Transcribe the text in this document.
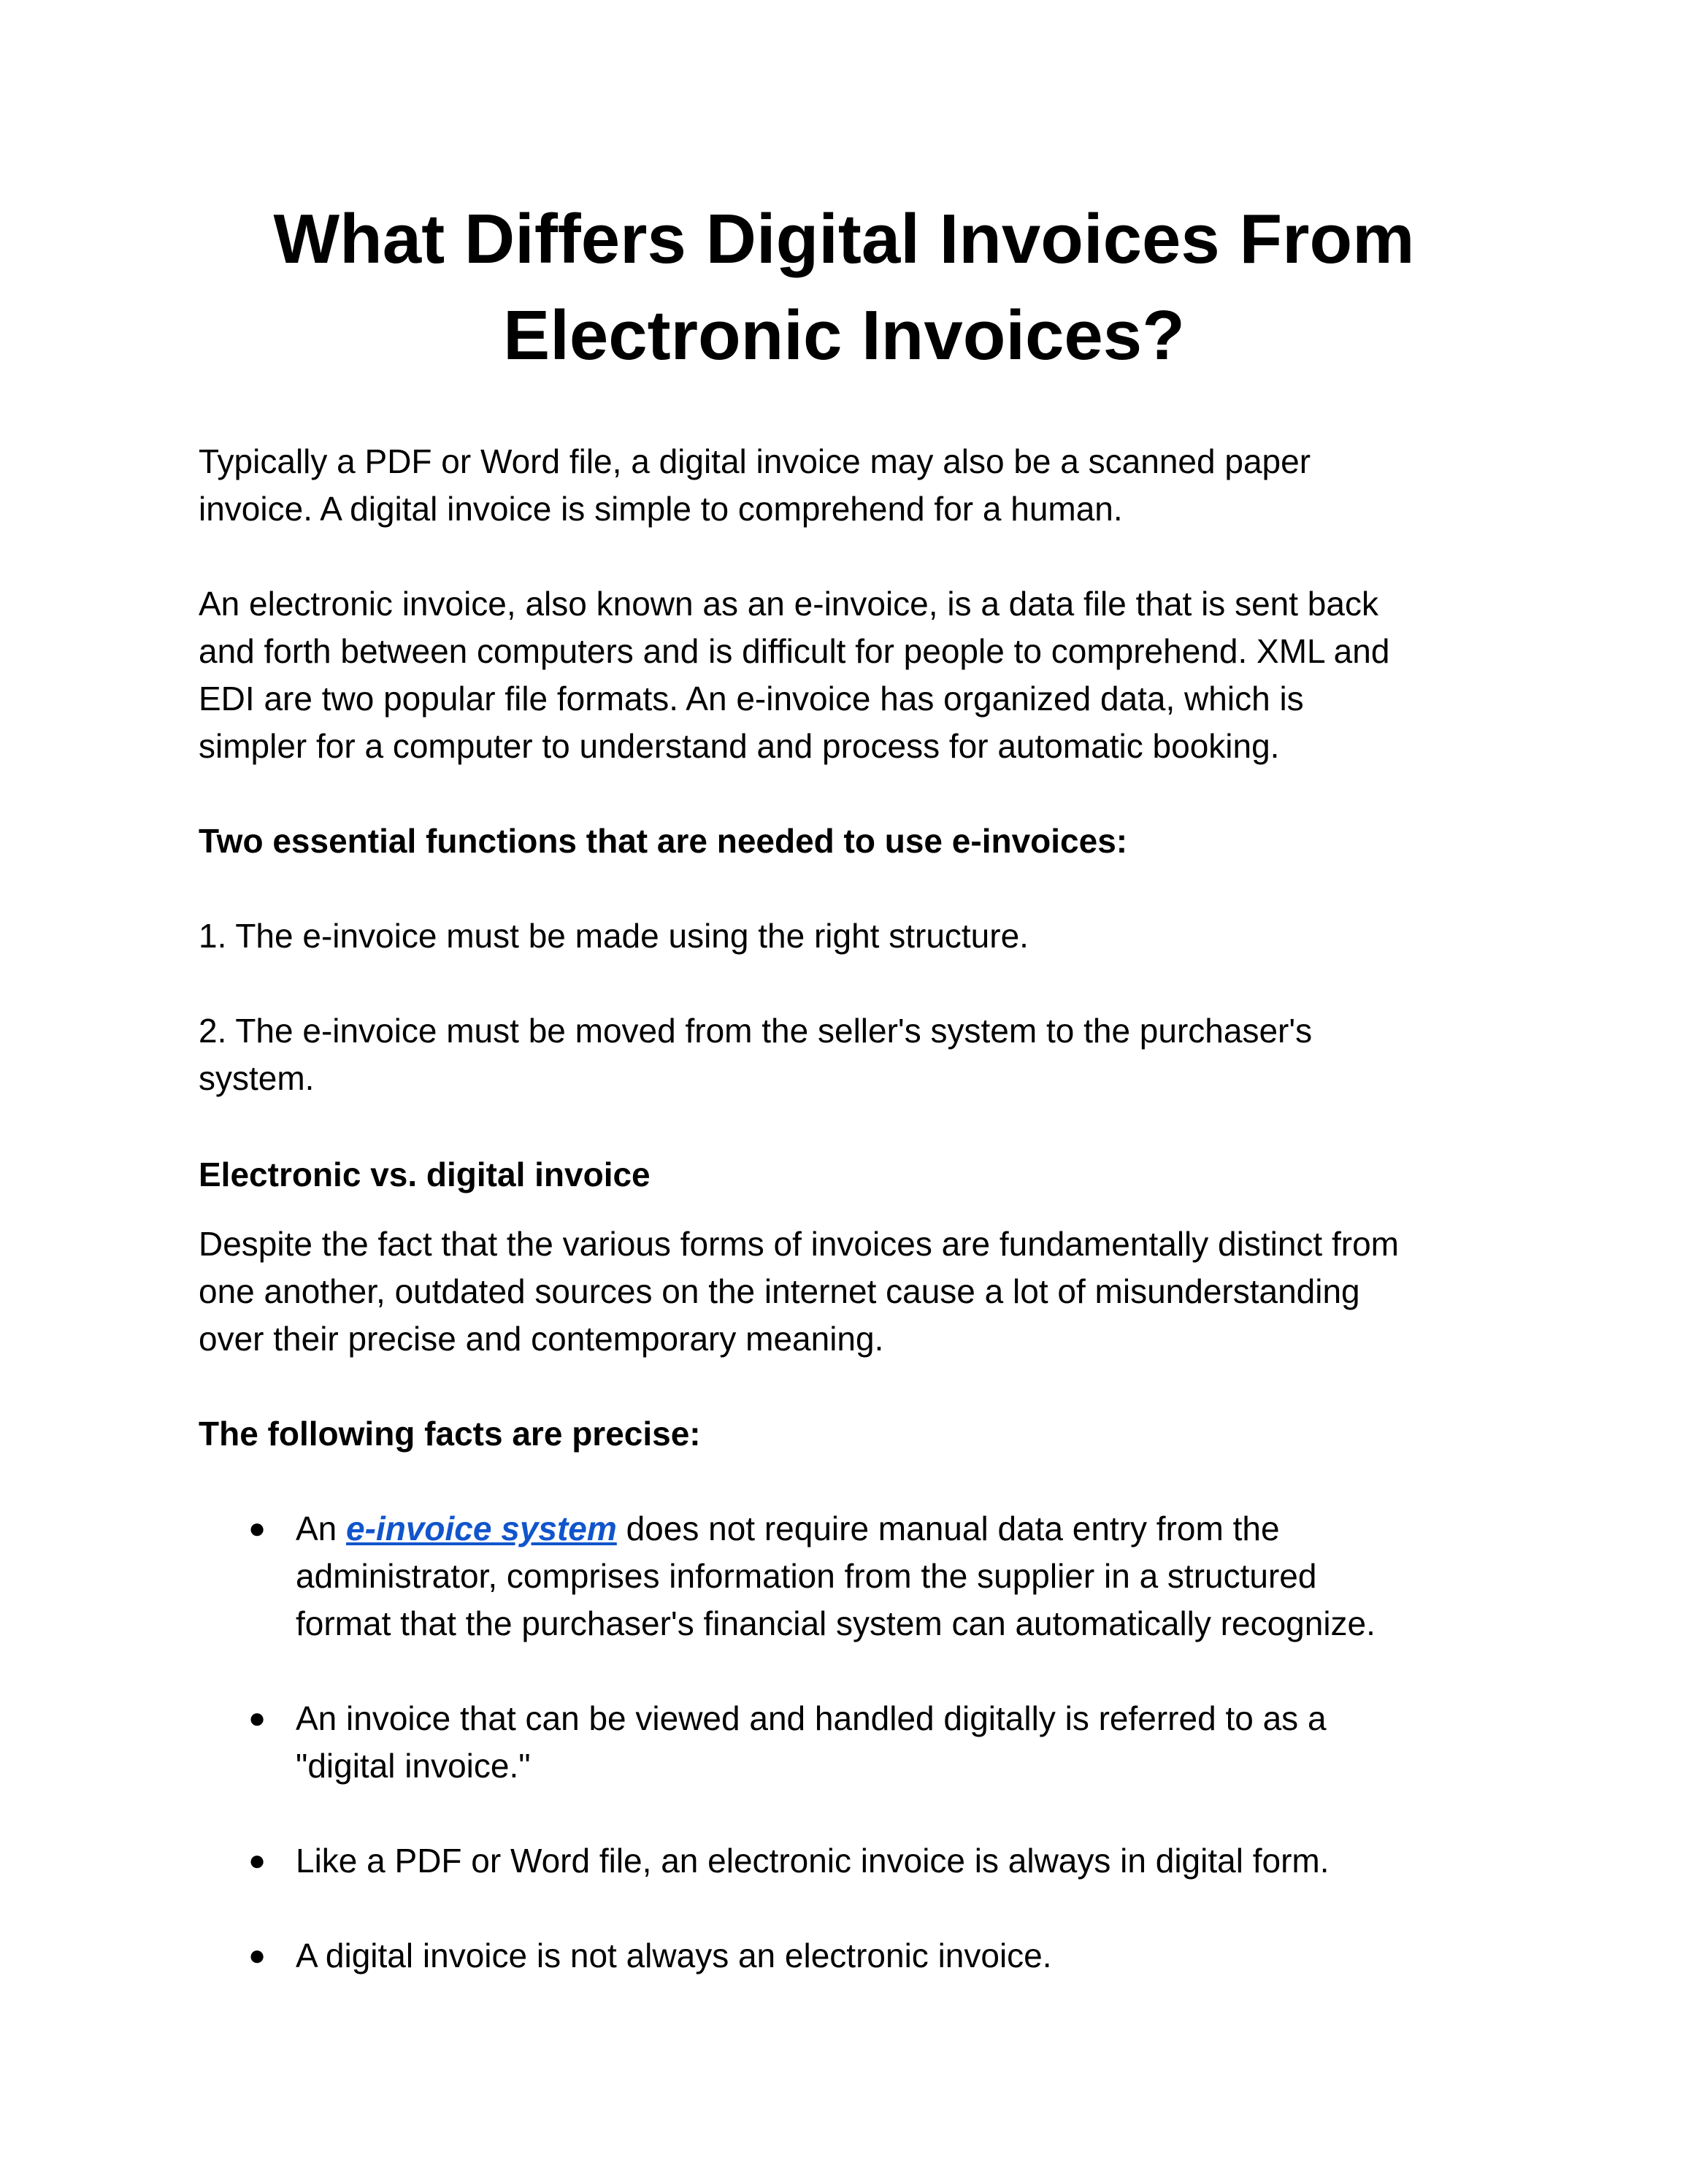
What Differs Digital Invoices From
Electronic Invoices?

Typically a PDF or Word file, a digital invoice may also be a scanned paper
invoice. A digital invoice is simple to comprehend for a human.

An electronic invoice, also known as an e-invoice, is a data file that is sent back
and forth between computers and is difficult for people to comprehend. XML and
EDI are two popular file formats. An e-invoice has organized data, which is
simpler for a computer to understand and process for automatic booking.

Two essential functions that are needed to use e-invoices:

1. The e-invoice must be made using the right structure.

2. The e-invoice must be moved from the seller's system to the purchaser's
system.

Electronic vs. digital invoice

Despite the fact that the various forms of invoices are fundamentally distinct from
one another, outdated sources on the internet cause a lot of misunderstanding
over their precise and contemporary meaning.

The following facts are precise:

● An e-invoice system does not require manual data entry from the
administrator, comprises information from the supplier in a structured
format that the purchaser's financial system can automatically recognize.
● An invoice that can be viewed and handled digitally is referred to as a
"digital invoice."
● Like a PDF or Word file, an electronic invoice is always in digital form.
● A digital invoice is not always an electronic invoice.
